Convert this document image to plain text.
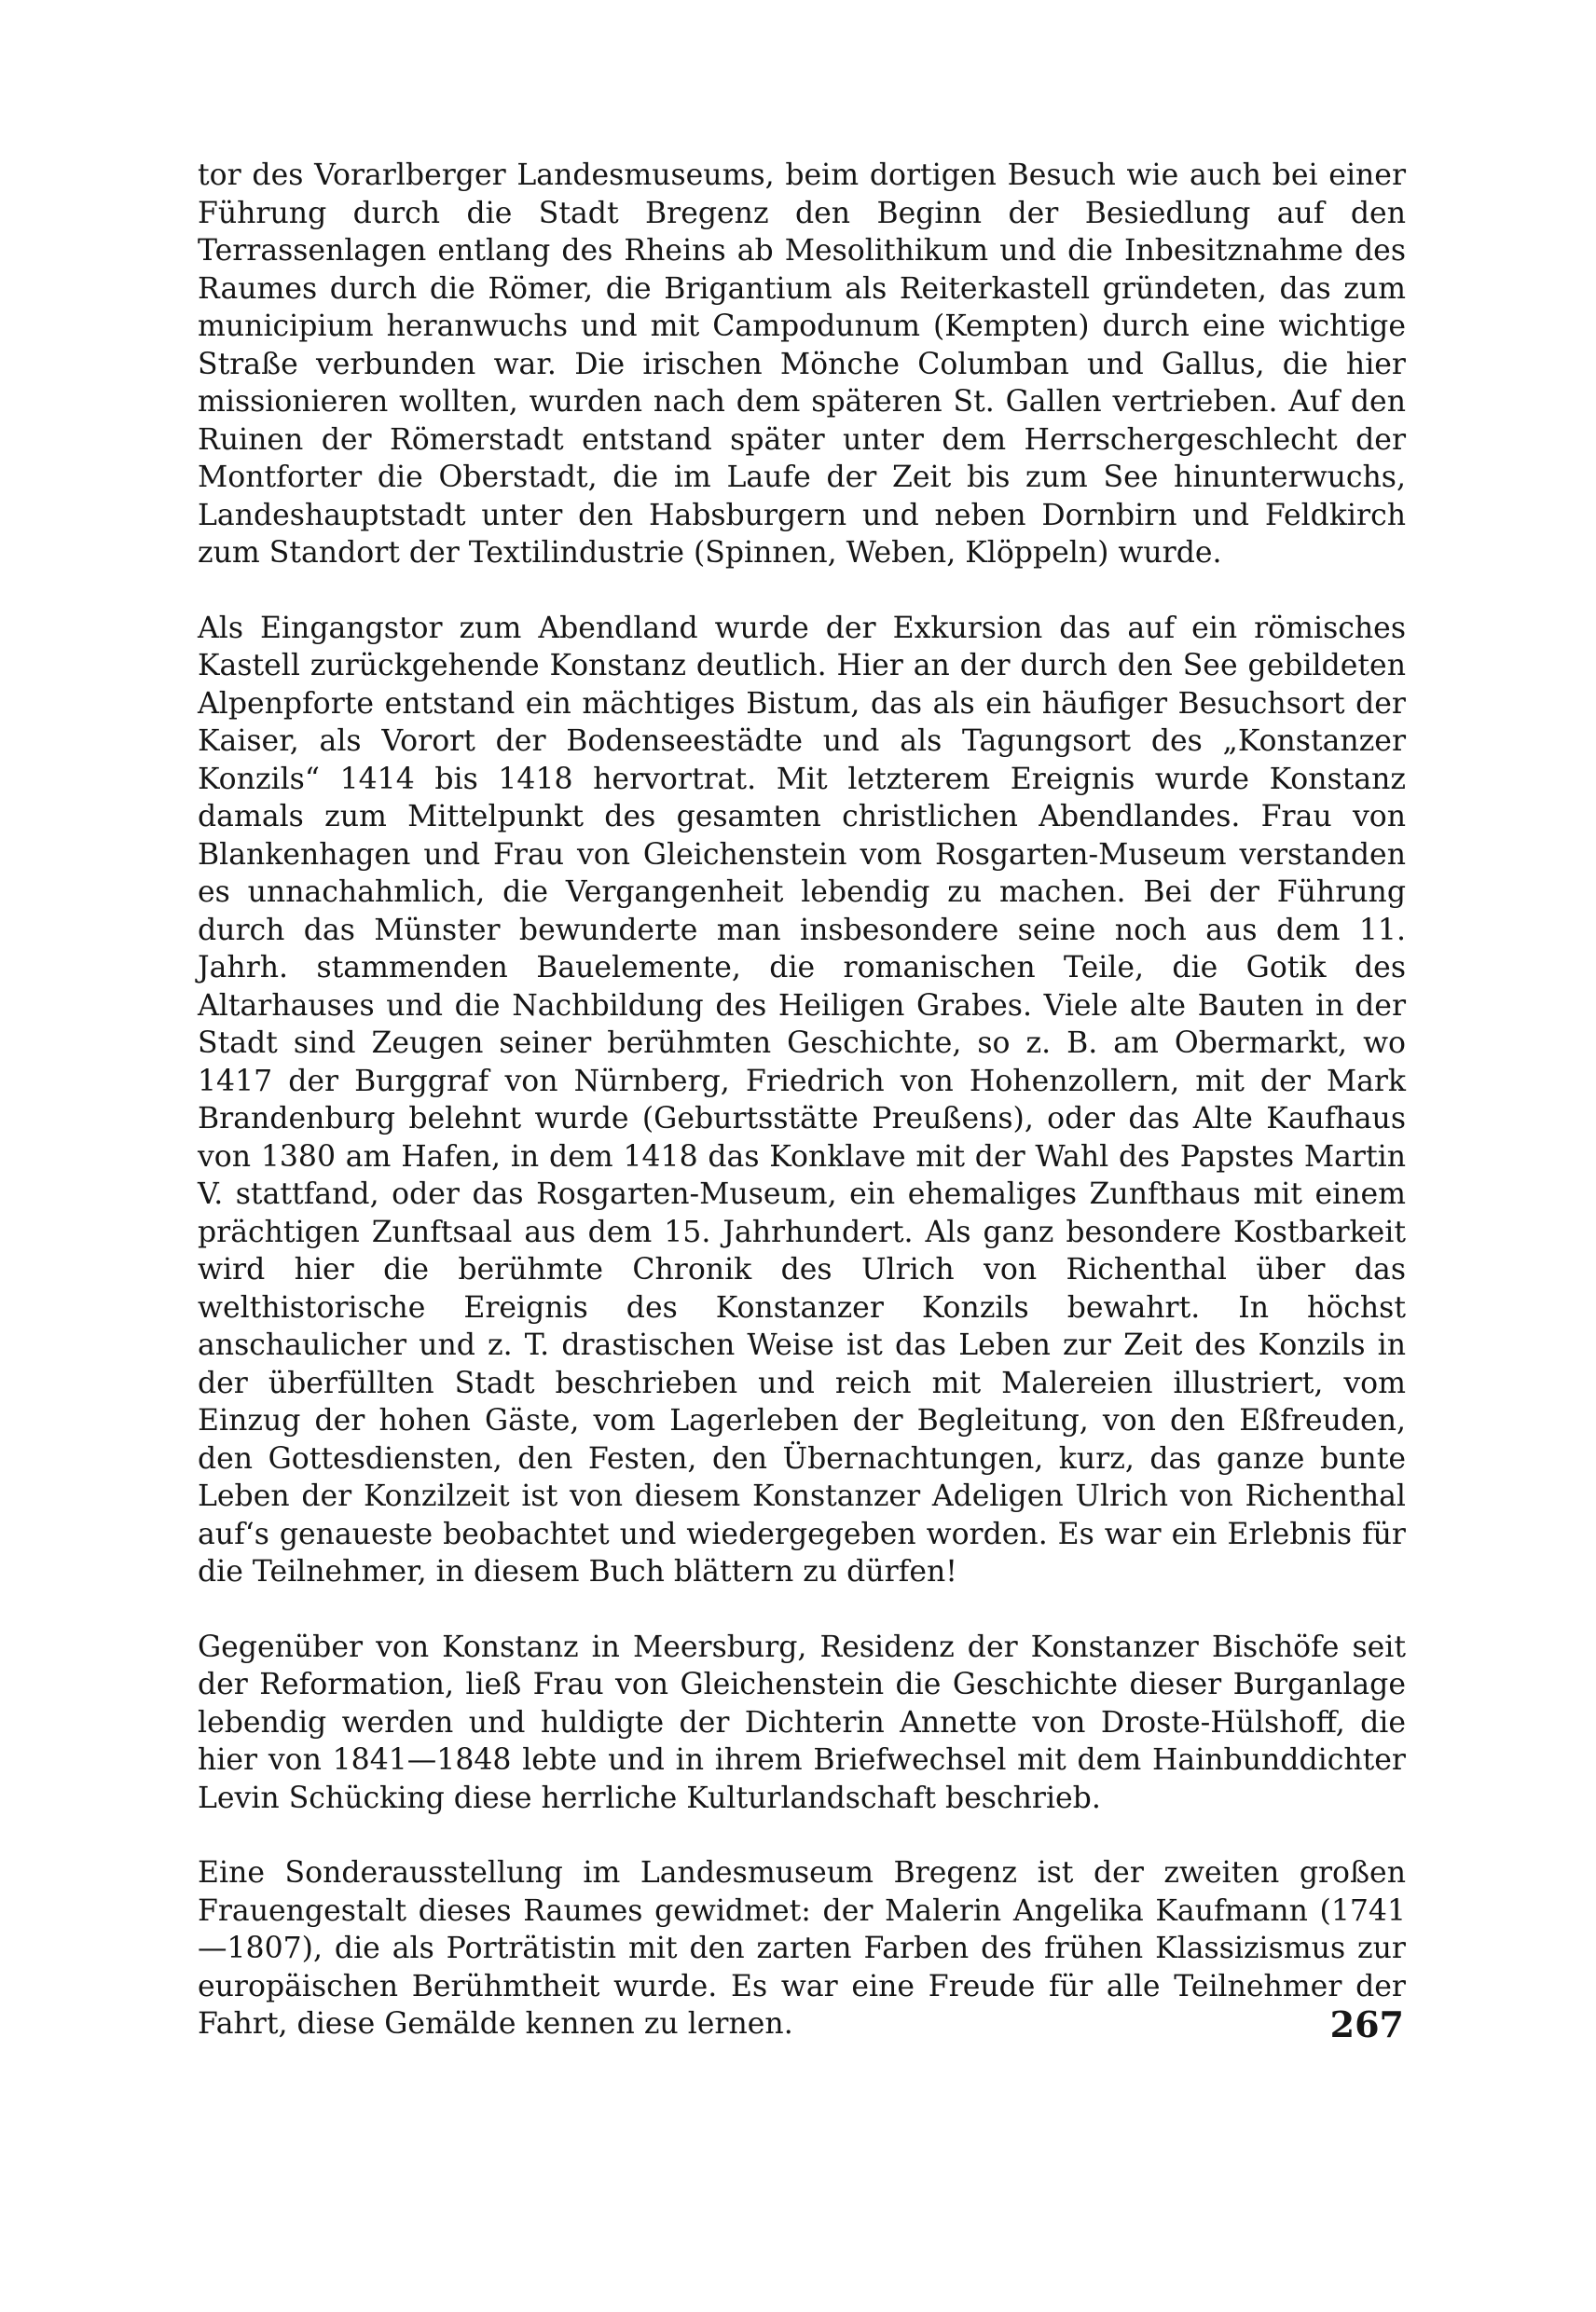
tor des Vorarlberger Landesmuseums, beim dortigen Besuch wie auch bei einer Führung durch die Stadt Bregenz den Beginn der Besiedlung auf den Terrassenlagen entlang des Rheins ab Mesolithikum und die Inbesitznahme des Raumes durch die Römer, die Brigantium als Reiterkastell gründeten, das zum municipium heranwuchs und mit Campodunum (Kempten) durch eine wichtige Straße verbunden war. Die irischen Mönche Columban und Gallus, die hier missionieren wollten, wurden nach dem späteren St. Gallen vertrieben. Auf den Ruinen der Römerstadt entstand später unter dem Herrschergeschlecht der Montforter die Oberstadt, die im Laufe der Zeit bis zum See hinunterwuchs, Landeshauptstadt unter den Habsburgern und neben Dornbirn und Feldkirch zum Standort der Textilindustrie (Spinnen, Weben, Klöppeln) wurde.

Als Eingangstor zum Abendland wurde der Exkursion das auf ein römisches Kastell zurückgehende Konstanz deutlich. Hier an der durch den See gebildeten Alpenpforte entstand ein mächtiges Bistum, das als ein häufiger Besuchsort der Kaiser, als Vorort der Bodenseestädte und als Tagungsort des „Konstanzer Konzils“ 1414 bis 1418 hervortrat. Mit letzterem Ereignis wurde Konstanz damals zum Mittelpunkt des gesamten christlichen Abendlandes. Frau von Blankenhagen und Frau von Gleichenstein vom Rosgarten-Museum verstanden es unnachahmlich, die Vergangenheit lebendig zu machen. Bei der Führung durch das Münster bewunderte man insbesondere seine noch aus dem 11. Jahrh. stammenden Bauelemente, die romanischen Teile, die Gotik des Altarhauses und die Nachbildung des Heiligen Grabes. Viele alte Bauten in der Stadt sind Zeugen seiner berühmten Geschichte, so z. B. am Obermarkt, wo 1417 der Burggraf von Nürnberg, Friedrich von Hohenzollern, mit der Mark Brandenburg belehnt wurde (Geburtsstätte Preußens), oder das Alte Kaufhaus von 1380 am Hafen, in dem 1418 das Konklave mit der Wahl des Papstes Martin V. stattfand, oder das Rosgarten-Museum, ein ehemaliges Zunfthaus mit einem prächtigen Zunftsaal aus dem 15. Jahrhundert. Als ganz besondere Kostbarkeit wird hier die berühmte Chronik des Ulrich von Richenthal über das welthistorische Ereignis des Konstanzer Konzils bewahrt. In höchst anschaulicher und z. T. drastischen Weise ist das Leben zur Zeit des Konzils in der überfüllten Stadt beschrieben und reich mit Malereien illustriert, vom Einzug der hohen Gäste, vom Lagerleben der Begleitung, von den Eßfreuden, den Gottesdiensten, den Festen, den Übernachtungen, kurz, das ganze bunte Leben der Konzilzeit ist von diesem Konstanzer Adeligen Ulrich von Richenthal auf‘s genaueste beobachtet und wiedergegeben worden. Es war ein Erlebnis für die Teilnehmer, in diesem Buch blättern zu dürfen!

Gegenüber von Konstanz in Meersburg, Residenz der Konstanzer Bischöfe seit der Reformation, ließ Frau von Gleichenstein die Geschichte dieser Burganlage lebendig werden und huldigte der Dichterin Annette von Droste-Hülshoff, die hier von 1841—1848 lebte und in ihrem Briefwechsel mit dem Hainbunddichter Levin Schücking diese herrliche Kulturlandschaft beschrieb.

Eine Sonderausstellung im Landesmuseum Bregenz ist der zweiten großen Frauengestalt dieses Raumes gewidmet: der Malerin Angelika Kaufmann (1741—1807), die als Porträtistin mit den zarten Farben des frühen Klassizismus zur europäischen Berühmtheit wurde. Es war eine Freude für alle Teilnehmer der Fahrt, diese Gemälde kennen zu lernen.	267
